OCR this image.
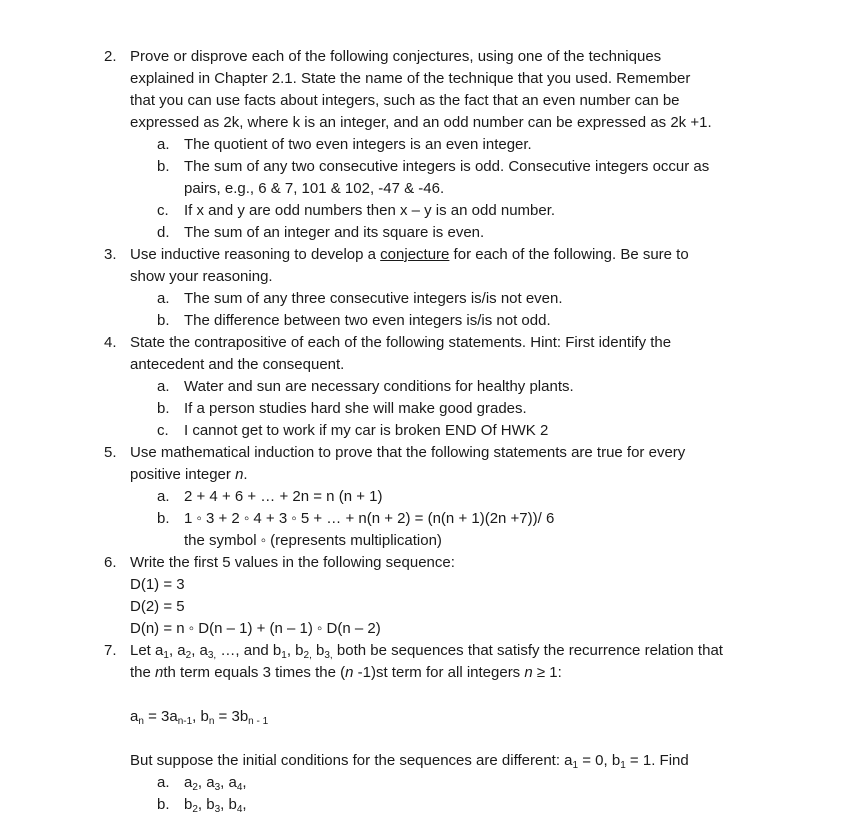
2. Prove or disprove each of the following conjectures, using one of the techniques
explained in Chapter 2.1. State the name of the technique that you used. Remember
that you can use facts about integers, such as the fact that an even number can be
expressed as 2k, where k is an integer, and an odd number can be expressed as 2k +1.
a. The quotient of two even integers is an even integer.
b. The sum of any two consecutive integers is odd. Consecutive integers occur as
pairs, e.g., 6 & 7, 101 & 102, -47 & -46.
c. If x and y are odd numbers then x – y is an odd number.
d. The sum of an integer and its square is even.
3. Use inductive reasoning to develop a conjecture for each of the following. Be sure to
show your reasoning.
a. The sum of any three consecutive integers is/is not even.
b. The difference between two even integers is/is not odd.
4. State the contrapositive of each of the following statements. Hint: First identify the
antecedent and the consequent.
a. Water and sun are necessary conditions for healthy plants.
b. If a person studies hard she will make good grades.
c. I cannot get to work if my car is broken END Of HWK 2
5. Use mathematical induction to prove that the following statements are true for every
positive integer n.
a. 2 + 4 + 6 + … + 2n = n (n + 1)
b. 1 ◦ 3 + 2 ◦ 4 + 3 ◦ 5 + … + n(n + 2) = (n(n + 1)(2n +7))/ 6
the symbol ◦ (represents multiplication)
6. Write the first 5 values in the following sequence:
D(1) = 3
D(2) = 5
D(n) = n ◦ D(n – 1) + (n – 1) ◦ D(n – 2)
7. Let $a_1$, $a_2$, $a_{3,}$ …, and $b_1$, $b_{2,}$ $b_{3,}$ both be sequences that satisfy the recurrence relation that
the nth term equals 3 times the (n -1)st term for all integers n ≥ 1:
$a_n = 3a_{n-1}$, $b_n = 3b_{n - 1}$
But suppose the initial conditions for the sequences are different: $a_1 = 0$, $b_1 = 1$. Find
a. $a_2$, $a_3$, $a_4$,
b. $b_2$, $b_3$, $b_4$,
